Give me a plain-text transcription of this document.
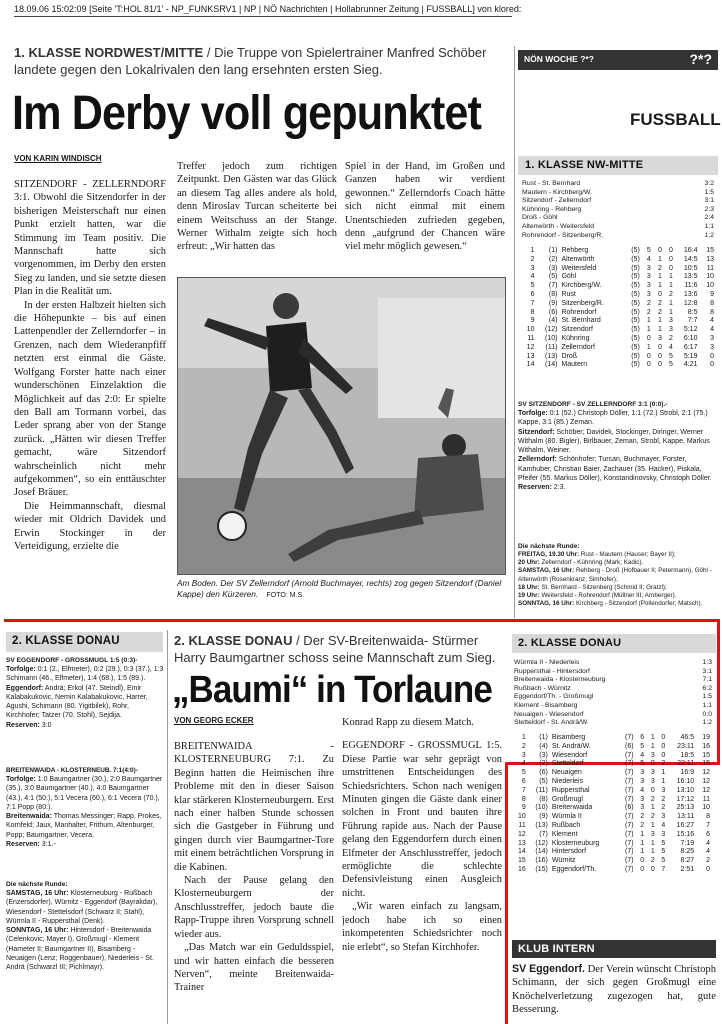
18.09.06 15:02:09 [Seite 'T:HOL 81/1' - NP_FUNKSRV1 | NP | NÖ Nachrichten | Hollabrunner Zeitung | FUSSBALL] von klored:
1. KLASSE NORDWEST/MITTE / Die Truppe von Spielertrainer Manfred Schöber landete gegen den Lokalrivalen den lang ersehnten ersten Sieg.
Im Derby voll gepunktet
VON KARIN WINDISCH

SITZENDORF - ZELLERNDORF 3:1. Obwohl die Sitzendorfer in der bisherigen Meisterschaft nur einen Punkt erzielt hatten, war die Stimmung im Team positiv. Die Mannschaft hatte sich vorgenommen, im Derby den ersten Sieg zu landen, und sie setzte diesen Plan in die Realität um.

In der ersten Halbzeit hielten sich die Höhepunkte – bis auf einen Lattenpendler der Zellerndorfer – in Grenzen, nach dem Wiederanpfiff netzten erst einmal die Gäste. Wolfgang Forster hatte nach einer wunderschönen Einzelaktion die Möglichkeit auf das 2:0: Er spielte den Ball am Tormann vorbei, das Leder sprang aber von der Stange zurück. „Hätten wir diesen Treffer gemacht, wäre Sitzendorf wahrscheinlich nicht mehr aufgekommen“, so ein enttäuschter Josef Bräuer.

Die Heimmannschaft, diesmal wieder mit Oldrich Davidek und Erwin Stockinger in der Verteidigung, erzielte die

Treffer jedoch zum richtigen Zeitpunkt. Den Gästen war das Glück an diesem Tag alles andere als hold, denn Miroslav Turcan scheiterte bei einem Weitschuss an der Stange. Werner Withalm zeigte sich hoch erfreut: „Wir hatten das

Spiel in der Hand, im Großen und Ganzen haben wir verdient gewonnen.“ Zellerndorfs Coach hätte sich nicht einmal mit einem Unentschieden zufrieden gegeben, denn „aufgrund der Chancen wäre viel mehr möglich gewesen.“

Am Boden. Der SV Zellerndorf (Arnold Buchmayer, rechts) zog gegen Sitzendorf (Daniel Kappe) den Kürzeren. FOTO: M.S.
NÖN WOCHE ?*?	?*?
FUSSBALL
1. KLASSE NW-MITTE
Rust - St. Bernhard	3:2
Mautern - Kirchberg/W.	1:5
Sitzendorf - Zellerndorf	3:1
Kühnring - Rehberg	2:3
Droß - Göhl	2:4
Altenwörth - Weitersfeld	1:1
Rohrendorf - Sitzenberg/R.	1:2
1	(1)	Rehberg	(5)	5	0	0	16:4	15
2	(2)	Altenwörth	(5)	4	1	0	14:5	13
3	(3)	Weitersfeld	(5)	3	2	0	10:5	11
4	(5)	Göhl	(5)	3	1	1	13:5	10
5	(7)	Kirchberg/W.	(5)	3	1	1	11:6	10
6	(8)	Rust	(5)	3	0	2	13:6	9
7	(9)	Sitzenberg/R.	(5)	2	2	1	12:8	8
8	(6)	Rohrendorf	(5)	2	2	1	8:5	8
9	(4)	St. Bernhard	(5)	1	1	3	7:7	4
10	(12)	Sitzendorf	(5)	1	1	3	5:12	4
11	(10)	Kühnring	(5)	0	3	2	6:10	3
12	(11)	Zellerndorf	(5)	1	0	4	6:17	3
13	(13)	Droß	(5)	0	0	5	5:19	0
14	(14)	Mautern	(5)	0	0	5	4:21	0
SV SITZENDORF - SV ZELLERNDORF 3:1 (0:0).-
Torfolge: 0:1 (52.) Christoph Döller, 1:1 (72.) Strobl, 2:1 (75.) Kappe, 3:1 (85.) Zeman.
Sitzendorf: Schöber; Davidek, Stockinger, Diringer, Werner Withalm (80. Bigler), Birlbauer, Zeman, Strobl, Kappe, Markus Withalm, Weiner.
Zellerndorf: Schönhofer; Turcan, Buchmayer, Forster, Kamhuber, Christian Baier, Zachauer (35. Hacker), Piskala, Pfeifer (55. Markus Döller), Konstandinovsky, Christoph Döller.
Reserven: 2:3.
Die nächste Runde:
FREITAG, 19.30 Uhr: Rust - Mautern (Hauser; Bayer II);
20 Uhr: Zellerndorf - Kühnring (Mark; Kadic).
SAMSTAG, 16 Uhr: Rehberg - Droß (Hofbauer II; Petermann), Göhl - Altenwörth (Rosenkranz; Simhofer);
18 Uhr: St. Bernhard - Sitzenberg (Schmid II; Gratzl);
19 Uhr: Weitersfeld - Rohrendorf (Müllner III; Arnberger).
SONNTAG, 16 Uhr: Kirchberg - Sitzendorf (Pollendorfer; Matsch).
2. KLASSE DONAU
SV EGGENDORF - GROSSMUGL 1:5 (0:3)-
Torfolge: 0:1 (2., Elfmeter), 0:2 (29.), 0:3 (37.), 1:3 Schimann (46., Elfmeter), 1:4 (68.), 1:5 (89.).
Eggendorf: Andrä; Erkol (47. Steindl), Emir Kalabakukovic, Nemin Kalabakukovic, Harrer, Agushi, Schimann (80. Yigitbilek), Rohr, Kirchhofer; Tatzer (70. Stohl), Sejdija.
Reserven: 3:0
BREITENWAIDA - KLOSTERNEUB. 7:1(4:0)-
Torfolge: 1:0 Baumgartner (30.), 2:0 Baumgartner (35.), 3:0 Baumgartner (40.), 4:0 Baumgartner (43.), 4:1 (50.), 5:1 Vecera (60.), 6:1 Vecera (70.), 7:1 Popp (80.).
Breitenwaida: Thomas Messinger; Rapp, Prokes, Kornfeld; Jaux, Manhalter, Frithum, Altenburger, Popp; Baumgartner, Vecera.
Reserven: 3:1.-
Die nächste Runde:
SAMSTAG, 16 Uhr: Klosterneuburg - Rußbach (Enzersdorfer), Würnitz - Eggendorf (Bayrakdar), Wiesendorf - Stettelsdorf (Schwarz II; Stahl), Würmla II - Ruppersthal (Denk).
SONNTAG, 16 Uhr: Hintersdorf - Breitenwaida (Celenkovic; Mayer I), Großmugl - Klement (Hameter II; Baumgartner II), Bisamberg - Neuaigen (Lenz; Roggenbauer), Niederleis - St. Andrä (Schwarzl III; Pichlmayr).
2. KLASSE DONAU / Der SV-Breitenwaida- Stürmer Harry Baumgartner schoss seine Mannschaft zum Sieg.
„Baumi“ in Torlaune
VON GEORG ECKER

BREITENWAIDA - KLOSTERNEUBURG 7:1. Zu Beginn hatten die Heimischen ihre Probleme mit den in dieser Saison klar stärkeren Klosterneuburgern. Erst nach einer halben Stunde schossen sich die Gastgeber in Führung und gingen durch vier Baumgartner-Tore mit einem beträchtlichen Vorsprung in die Kabinen.

Nach der Pause gelang den Klosterneuburgern der Anschlusstreffer, jedoch baute die Rapp-Truppe ihren Vorsprung schnell wieder aus.

„Das Match war ein Geduldsspiel, und wir hatten einfach die besseren Nerven“, meinte Breitenwaida-Trainer

Konrad Rapp zu diesem Match.

EGGENDORF - GROSSMUGL 1:5. Diese Partie war sehr geprägt von umstrittenen Entscheidungen des Schiedsrichters. Schon nach wenigen Minuten gingen die Gäste dank einer solchen in Front und bauten ihre Führung rapide aus. Nach der Pause gelang den Eggendorfern durch einen Elfmeter der Anschlusstreffer, jedoch ermöglichte die schlechte Defensivleistung einen Ausgleich nicht.

„Wir waren einfach zu langsam, jedoch habe ich so einen inkompetenten Schiedsrichter noch nie erlebt“, so Stefan Kirchhofer.

2. KLASSE DONAU
Würmla II - Niederleis	1:3
Ruppersthal - Hintersdorf	3:1
Breitenwaida - Klosterneuburg	7:1
Rußbach - Würnitz	6:2
Eggendorf/Th. - Großmugl	1:5
Klement - Bisamberg	1:1
Neuaigen - Wiesendorf	0:0
Stetteldorf - St. Andrä/W.	1:2
1	(1)	Bisamberg	(7)	6	1	0	46:5	19
2	(4)	St. Andrä/W.	(6)	5	1	0	23:11	16
3	(3)	Wiesendorf	(7)	4	3	0	18:5	15
4	(2)	Stetteldorf	(7)	5	0	2	22:11	15
5	(6)	Neuaigen	(7)	3	3	1	16:9	12
6	(5)	Niederleis	(7)	3	3	1	16:10	12
7	(11)	Ruppersthal	(7)	4	0	3	13:10	12
8	(8)	Großmugl	(7)	3	2	2	17:12	11
9	(10)	Breitenwaida	(6)	3	1	2	25:13	10
10	(9)	Würmla II	(7)	2	2	3	13:11	8
11	(13)	Rußbach	(7)	2	1	4	16:27	7
12	(7)	Klement	(7)	1	3	3	15:16	6
13	(12)	Klosterneuburg	(7)	1	1	5	7:19	4
14	(14)	Hintersdorf	(7)	1	1	5	8:25	4
15	(16)	Würnitz	(7)	0	2	5	8:27	2
16	(15)	Eggendorf/Th.	(7)	0	0	7	2:51	0
KLUB INTERN
SV Eggendorf. Der Verein wünscht Christoph Schimann, der sich gegen Großmugl eine Knöchelverletzung zugezogen hat, gute Besserung.
